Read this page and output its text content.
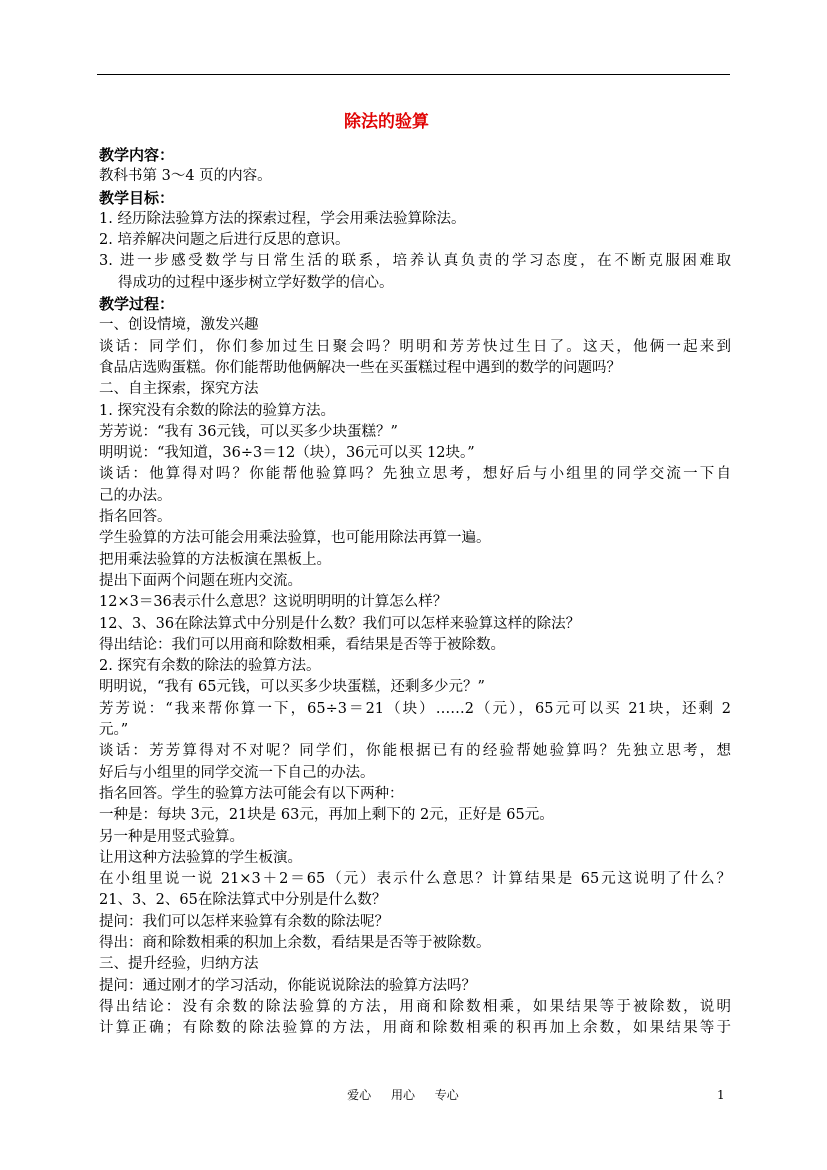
除法的验算
教学内容：
教科书第 3～4 页的内容。
教学目标：
1. 经历除法验算方法的探索过程，学会用乘法验算除法。
2. 培养解决问题之后进行反思的意识。
3. 进一步感受数学与日常生活的联系，培养认真负责的学习态度，在不断克服困难取
得成功的过程中逐步树立学好数学的信心。
教学过程：
一、创设情境，激发兴趣
谈话：同学们，你们参加过生日聚会吗？明明和芳芳快过生日了。这天，他俩一起来到
食品店选购蛋糕。你们能帮助他俩解决一些在买蛋糕过程中遇到的数学的问题吗？
二、自主探索，探究方法
1. 探究没有余数的除法的验算方法。
芳芳说：“我有 36元钱，可以买多少块蛋糕？”
明明说：“我知道，36÷3＝12（块），36元可以买 12块。”
谈话：他算得对吗？你能帮他验算吗？先独立思考，想好后与小组里的同学交流一下自
己的办法。
指名回答。
学生验算的方法可能会用乘法验算，也可能用除法再算一遍。
把用乘法验算的方法板演在黑板上。
提出下面两个问题在班内交流。
12×3＝36表示什么意思？这说明明明的计算怎么样？
12、3、36在除法算式中分别是什么数？我们可以怎样来验算这样的除法？
得出结论：我们可以用商和除数相乘，看结果是否等于被除数。
2. 探究有余数的除法的验算方法。
明明说，“我有 65元钱，可以买多少块蛋糕，还剩多少元？”
芳芳说：“我来帮你算一下，65÷3＝21（块）……2（元），65元可以买 21块，还剩 2
元。”
谈话：芳芳算得对不对呢？同学们，你能根据已有的经验帮她验算吗？先独立思考，想
好后与小组里的同学交流一下自己的办法。
指名回答。学生的验算方法可能会有以下两种：
一种是：每块 3元，21块是 63元，再加上剩下的 2元，正好是 65元。
另一种是用竖式验算。
让用这种方法验算的学生板演。
在小组里说一说 21×3＋2＝65（元）表示什么意思？计算结果是 65元这说明了什么？
21、3、2、65在除法算式中分别是什么数？
提问：我们可以怎样来验算有余数的除法呢？
得出：商和除数相乘的积加上余数，看结果是否等于被除数。
三、提升经验，归纳方法
提问：通过刚才的学习活动，你能说说除法的验算方法吗？
得出结论：没有余数的除法验算的方法，用商和除数相乘，如果结果等于被除数，说明
计算正确；有除数的除法验算的方法，用商和除数相乘的积再加上余数，如果结果等于
爱心 用心 专心	1
